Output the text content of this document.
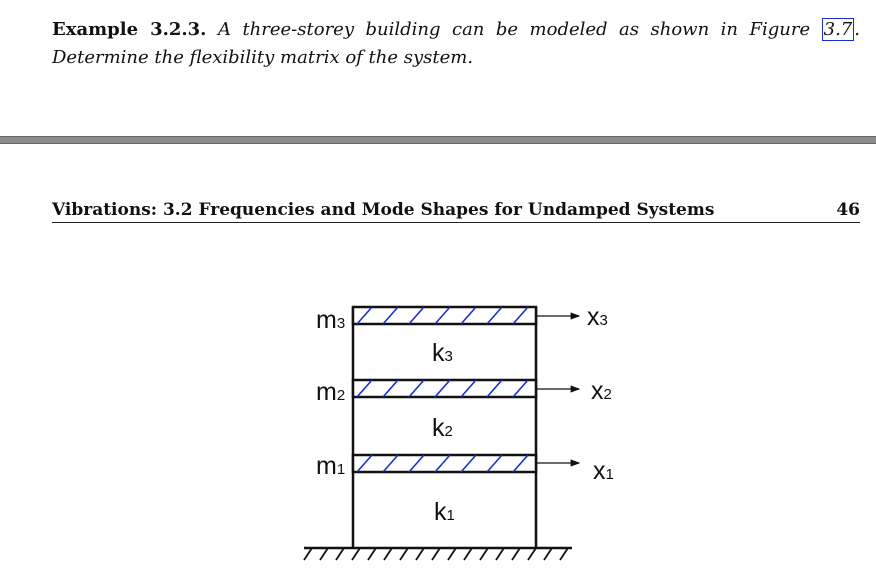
Example 3.2.3. A three-storey building can be modeled as shown in Figure 3.7 . Determine the flexibility matrix of the system.
Vibrations: 3.2 Frequencies and Mode Shapes for Undamped Systems	46
m3
m2
m1
x3
x2
x1
k3
k2
k1
